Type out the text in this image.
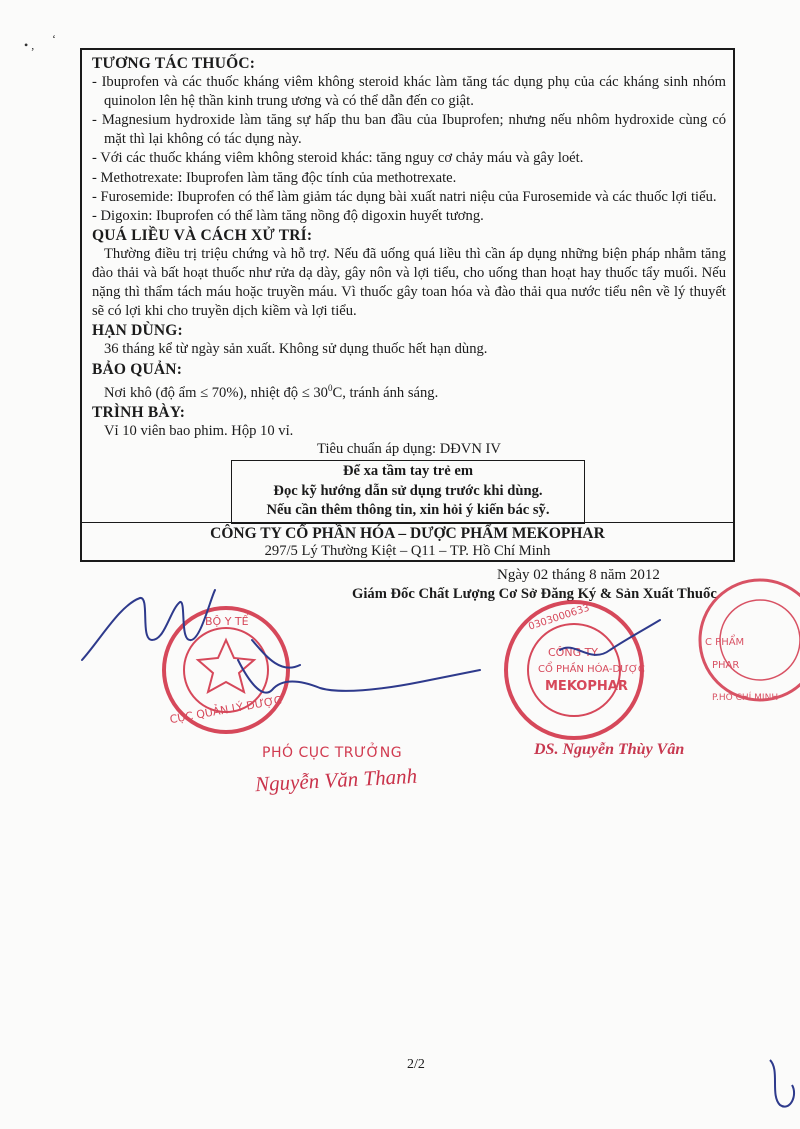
• , ‘
TƯƠNG TÁC THUỐC:
- Ibuprofen và các thuốc kháng viêm không steroid khác làm tăng tác dụng phụ của các kháng sinh nhóm quinolon lên hệ thần kinh trung ương và có thể dẫn đến co giật.
- Magnesium hydroxide làm tăng sự hấp thu ban đầu của Ibuprofen; nhưng nếu nhôm hydroxide cùng có mặt thì lại không có tác dụng này.
- Với các thuốc kháng viêm không steroid khác: tăng nguy cơ chảy máu và gây loét.
- Methotrexate: Ibuprofen làm tăng độc tính của methotrexate.
- Furosemide: Ibuprofen có thể làm giảm tác dụng bài xuất natri niệu của Furosemide và các thuốc lợi tiểu.
- Digoxin: Ibuprofen có thể làm tăng nồng độ digoxin huyết tương.
QUÁ LIỀU VÀ CÁCH XỬ TRÍ:
Thường điều trị triệu chứng và hỗ trợ. Nếu đã uống quá liều thì cần áp dụng những biện pháp nhằm tăng đào thải và bất hoạt thuốc như rửa dạ dày, gây nôn và lợi tiểu, cho uống than hoạt hay thuốc tẩy muối. Nếu nặng thì thẩm tách máu hoặc truyền máu. Vì thuốc gây toan hóa và đào thải qua nước tiểu nên về lý thuyết sẽ có lợi khi cho truyền dịch kiềm và lợi tiểu.
HẠN DÙNG:
36 tháng kể từ ngày sản xuất. Không sử dụng thuốc hết hạn dùng.
BẢO QUẢN:
Nơi khô (độ ẩm ≤ 70%), nhiệt độ ≤ $30^0C$, tránh ánh sáng.
TRÌNH BÀY:
Vỉ 10 viên bao phim. Hộp 10 vỉ.
Tiêu chuẩn áp dụng: DĐVN IV
Để xa tầm tay trẻ em
Đọc kỹ hướng dẫn sử dụng trước khi dùng.
Nếu cần thêm thông tin, xin hỏi ý kiến bác sỹ.
CÔNG TY CỔ PHẦN HÓA – DƯỢC PHẨM MEKOPHAR
297/5 Lý Thường Kiệt – Q11 – TP. Hồ Chí Minh
Ngày 02 tháng 8 năm 2012
Giám Đốc Chất Lượng Cơ Sở Đăng Ký & Sản Xuất Thuốc
BỘ Y TẾ
CỤC QUẢN LÝ DƯỢC
CÔNG TY
CỔ PHẦN HÓA-DƯỢC
MEKOPHAR
0303000633
C PHẨM
PHAR
P.HỒ CHÍ MINH
PHÓ CỤC TRƯỞNG
Nguyễn Văn Thanh
DS. Nguyễn Thùy Vân
2/2
